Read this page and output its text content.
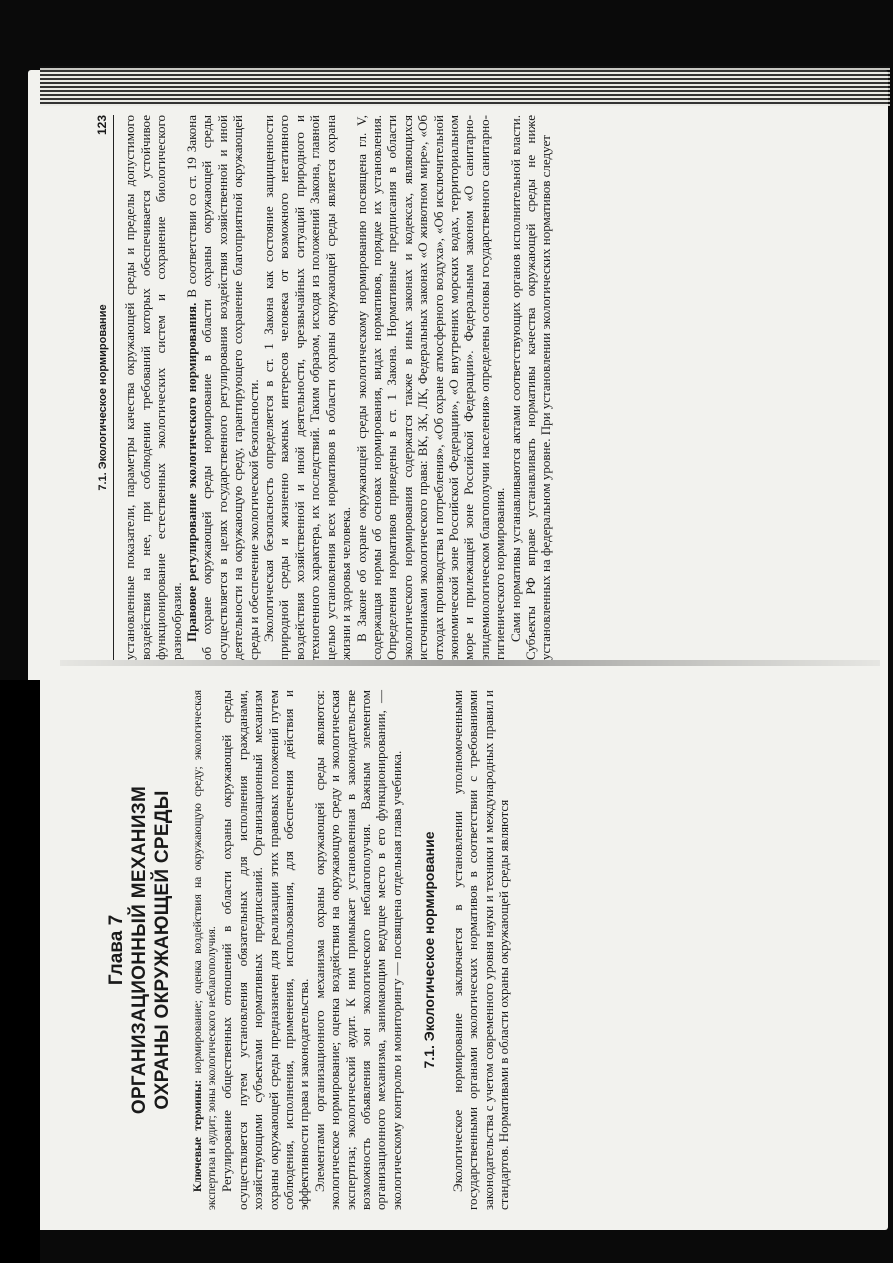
7.1. Экологическое нормирование
123 установленные показатели, параметры качества окружающей среды и пределы допустимого воздействия на нее, при соблюдении требований которых обеспечивается устойчивое функционирование естественных экологических систем и сохранение биологического разнообразия. Правовое регулирование экологического нормирования. В соответствии со ст. 19 Закона об охране окружающей среды нормирование в области охраны окружающей среды осуществляется в целях государственного регулирования воздействия хозяйственной и иной деятельности на окружающую среду, гарантирующего сохранение благоприятной окружающей среды и обеспечение экологической безопасности. Экологическая безопасность определяется в ст. 1 Закона как состояние защищенности природной среды и жизненно важных интересов человека от возможного негативного воздействия хозяйственной и иной деятельности, чрезвычайных ситуаций природного и техногенного характера, их последствий. Таким образом, исходя из положений Закона, главной целью установления всех нормативов в области охраны окружающей среды является охрана жизни и здоровья человека. В Законе об охране окружающей среды экологическому нормированию посвящена гл. V, содержащая нормы об основах нормирования, видах нормативов, порядке их установления. Определения нормативов приведены в ст. 1 Закона. Нормативные предписания в области экологического нормирования содержатся также в иных законах и кодексах, являющихся источниками экологического права: ВК, ЗК, ЛК, Федеральных законах «О животном мире», «Об отходах производства и потребления», «Об охране атмосферного воздуха», «Об исключительной экономической зоне Российской Федерации», «О внутренних морских водах, территориальном море и прилежащей зоне Российской Федерации». Федеральным законом «О санитарно-эпидемиологическом благополучии населения» определены основы государственного санитарно-гигиенического нормирования. Сами нормативы устанавливаются актами соответствующих органов исполнительной власти. Субъекты РФ вправе устанавливать нормативы качества окружающей среды не ниже установленных на федеральном уровне. При установлении экологических нормативов следует

Глава 7 ОРГАНИЗАЦИОННЫЙ МЕХАНИЗМ ОХРАНЫ ОКРУЖАЮЩЕЙ СРЕДЫ

Ключевые термины: нормирование; оценка воздействия на окружающую среду; экологическая экспертиза и аудит; зоны экологического неблагополучия. Регулирование общественных отношений в области охраны окружающей среды осуществляется путем установления обязательных для исполнения гражданами, хозяйствующими субъектами нормативных предписаний. Организационный механизм охраны окружающей среды предназначен для реализации этих правовых положений путем соблюдения, исполнения, применения, использования, для обеспечения действия и эффективности права и законодательства. Элементами организационного механизма охраны окружающей среды являются: экологическое нормирование; оценка воздействия на окружающую среду и экологическая экспертиза; экологический аудит. К ним примыкает установленная в законодательстве возможность объявления зон экологического неблагополучия. Важным элементом организационного механизма, занимающим ведущее место в его функционировании, — экологическому контролю и мониторингу — посвящена отдельная глава учебника. 7.1. Экологическое нормирование Экологическое нормирование заключается в установлении уполномоченными государственными органами экологических нормативов в соответствии с требованиями законодательства с учетом современного уровня науки и техники и международных правил и стандартов. Нормативами в области охраны окружающей среды являются
